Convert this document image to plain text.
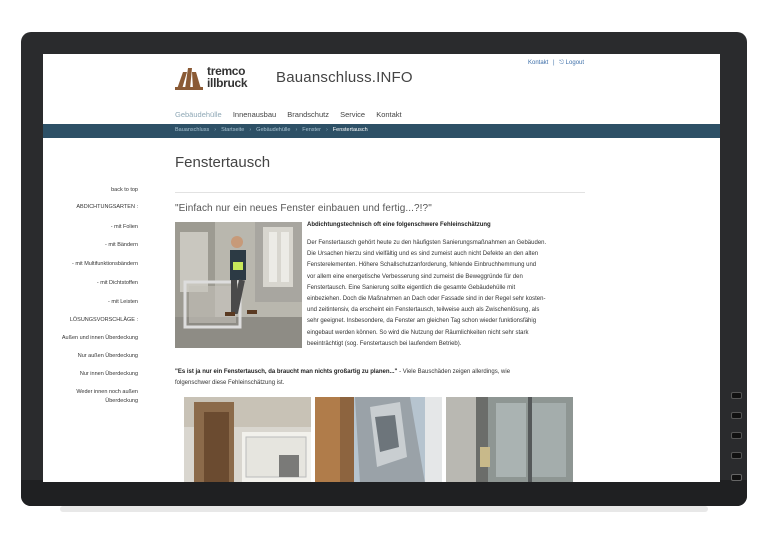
tremco
illbruck Bauanschluss.INFO
Kontakt | ⎋ Logout
Gebäudehülle Innenausbau Brandschutz Service Kontakt
Bauanschluss › Startseite › Gebäudehülle › Fenster › Fenstertausch
Fenstertausch
back to top
ABDICHTUNGSARTEN :
- mit Folien
- mit Bändern
- mit Multifunktionsbändern
- mit Dichtstoffen
- mit Leisten
LÖSUNGSVORSCHLÄGE :
Außen und innen Überdeckung
Nur außen Überdeckung
Nur innen Überdeckung
Weder innen noch außen
Überdeckung
"Einfach nur ein neues Fenster einbauen und fertig...?!?"
Abdichtungstechnisch oft eine folgenschwere Fehleinschätzung
Der Fenstertausch gehört heute zu den häufigsten Sanierungsmaßnahmen an Gebäuden.
Die Ursachen hierzu sind vielfältig und es sind zumeist auch nicht Defekte an den alten
Fensterelementen. Höhere Schallschutzanforderung, fehlende Einbruchhemmung und
vor allem eine energetische Verbesserung sind zumeist die Beweggründe für den
Fenstertausch. Eine Sanierung sollte eigentlich die gesamte Gebäudehülle mit
einbeziehen. Doch die Maßnahmen an Dach oder Fassade sind in der Regel sehr kosten-
und zeitintensiv, da erscheint ein Fenstertausch, teilweise auch als Zwischenlösung, als
sehr geeignet. Insbesondere, da Fenster am gleichen Tag schon wieder funktionsfähig
eingebaut werden können. So wird die Nutzung der Räumlichkeiten nicht sehr stark
beeinträchtigt (sog. Fenstertausch bei laufendem Betrieb).
"Es ist ja nur ein Fenstertausch, da braucht man nichts großartig zu planen..." - Viele Bauschäden zeigen allerdings, wie
folgenschwer diese Fehleinschätzung ist.
